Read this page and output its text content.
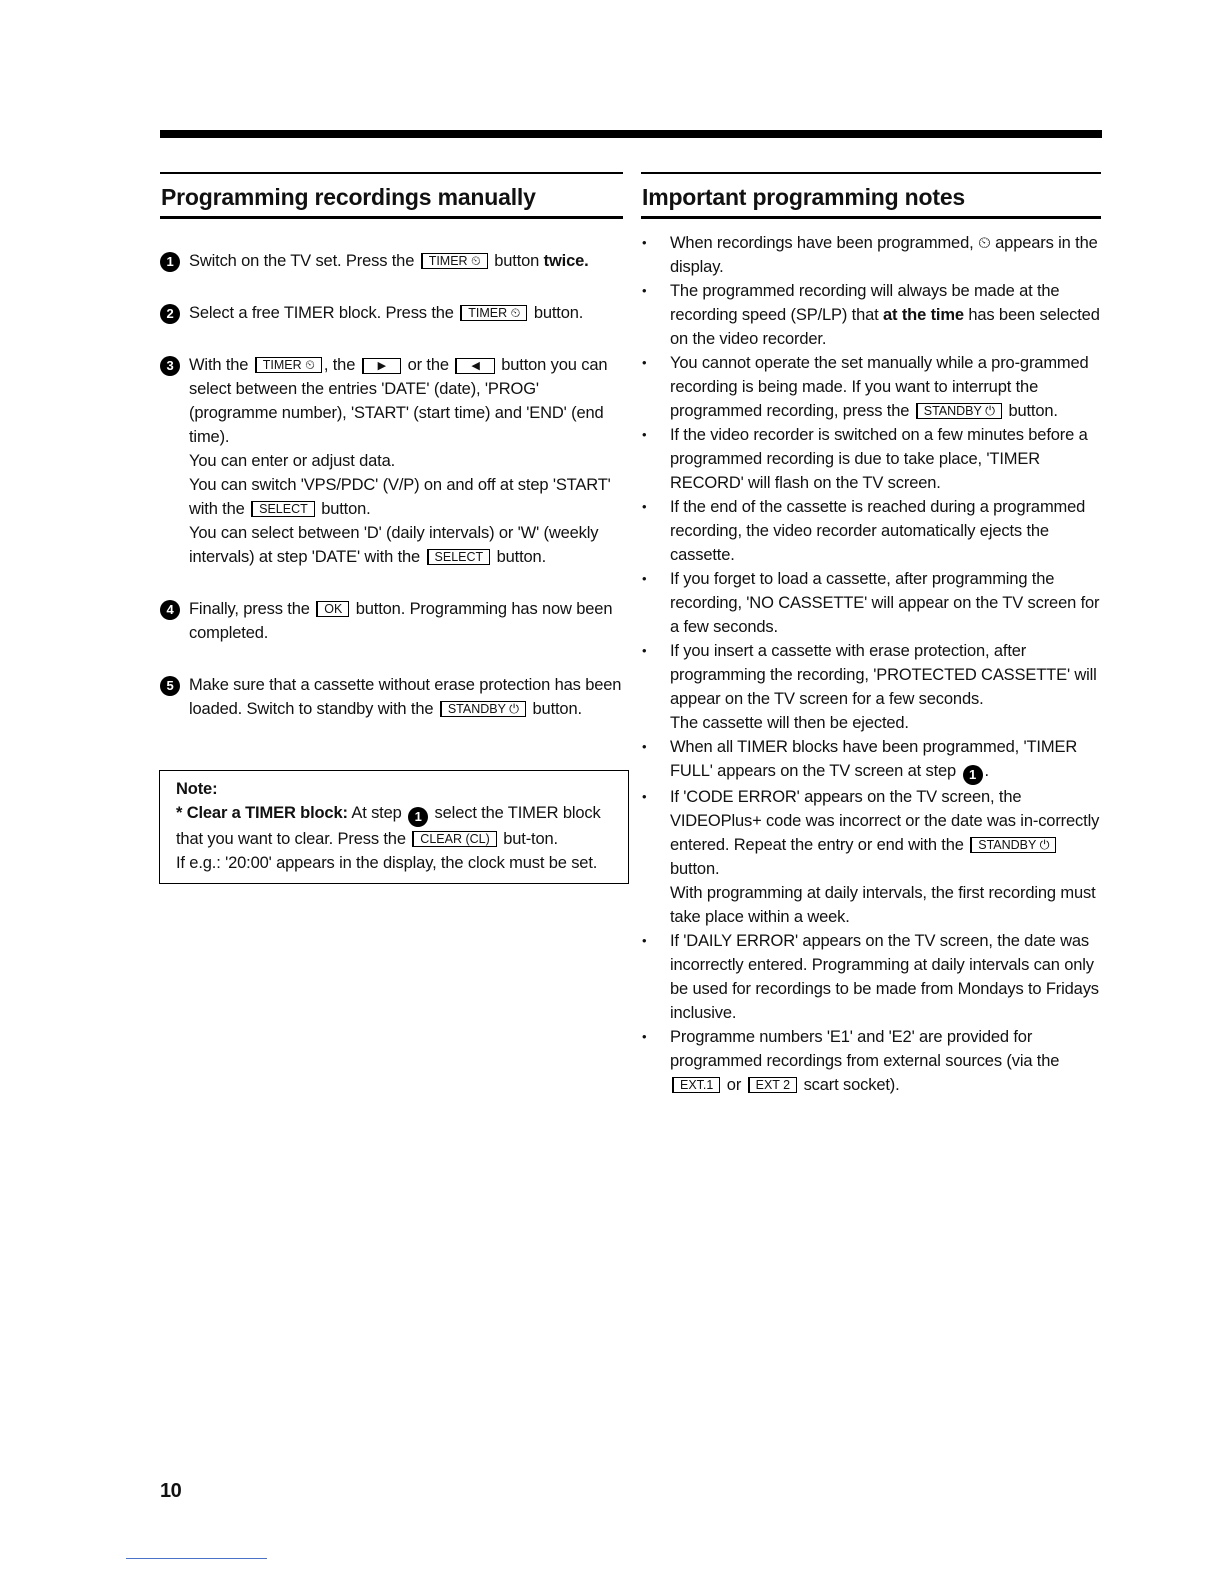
Programming recordings manually
1 Switch on the TV set. Press the TIMER ⏲ button twice.
2 Select a free TIMER block. Press the TIMER ⏲ button.
3 With the TIMER ⏲ , the ▶ or the ◀ button you can select between the entries 'DATE' (date), 'PROG' (programme number), 'START' (start time) and 'END' (end time).
You can enter or adjust data.
You can switch 'VPS/PDC' (V/P) on and off at step 'START' with the SELECT button.
You can select between 'D' (daily intervals) or 'W' (weekly intervals) at step 'DATE' with the SELECT button.
4 Finally, press the OK button. Programming has now been completed.
5 Make sure that a cassette without erase protection has been loaded. Switch to standby with the STANDBY ⏻ button.
Note:
* Clear a TIMER block: At step 1 select the TIMER block that you want to clear. Press the CLEAR (CL) but-ton.
If e.g.: '20:00' appears in the display, the clock must be set.
Important programming notes
• When recordings have been programmed, ⏲ appears in the display.
• The programmed recording will always be made at the recording speed (SP/LP) that at the time has been selected on the video recorder.
• You cannot operate the set manually while a pro-grammed recording is being made. If you want to interrupt the programmed recording, press the STANDBY ⏻ button.
• If the video recorder is switched on a few minutes before a programmed recording is due to take place, 'TIMER RECORD' will flash on the TV screen.
• If the end of the cassette is reached during a programmed recording, the video recorder automatically ejects the cassette.
• If you forget to load a cassette, after programming the recording, 'NO CASSETTE' will appear on the TV screen for a few seconds.
• If you insert a cassette with erase protection, after programming the recording, 'PROTECTED CASSETTE' will appear on the TV screen for a few seconds.
The cassette will then be ejected.
• When all TIMER blocks have been programmed, 'TIMER FULL' appears on the TV screen at step 1 .
• If 'CODE ERROR' appears on the TV screen, the VIDEOPlus+ code was incorrect or the date was in-correctly entered. Repeat the entry or end with the STANDBY ⏻ button.
With programming at daily intervals, the first recording must take place within a week.
• If 'DAILY ERROR' appears on the TV screen, the date was incorrectly entered. Programming at daily intervals can only be used for recordings to be made from Mondays to Fridays inclusive.
• Programme numbers 'E1' and 'E2' are provided for programmed recordings from external sources (via the EXT.1 or EXT 2 scart socket).
10
